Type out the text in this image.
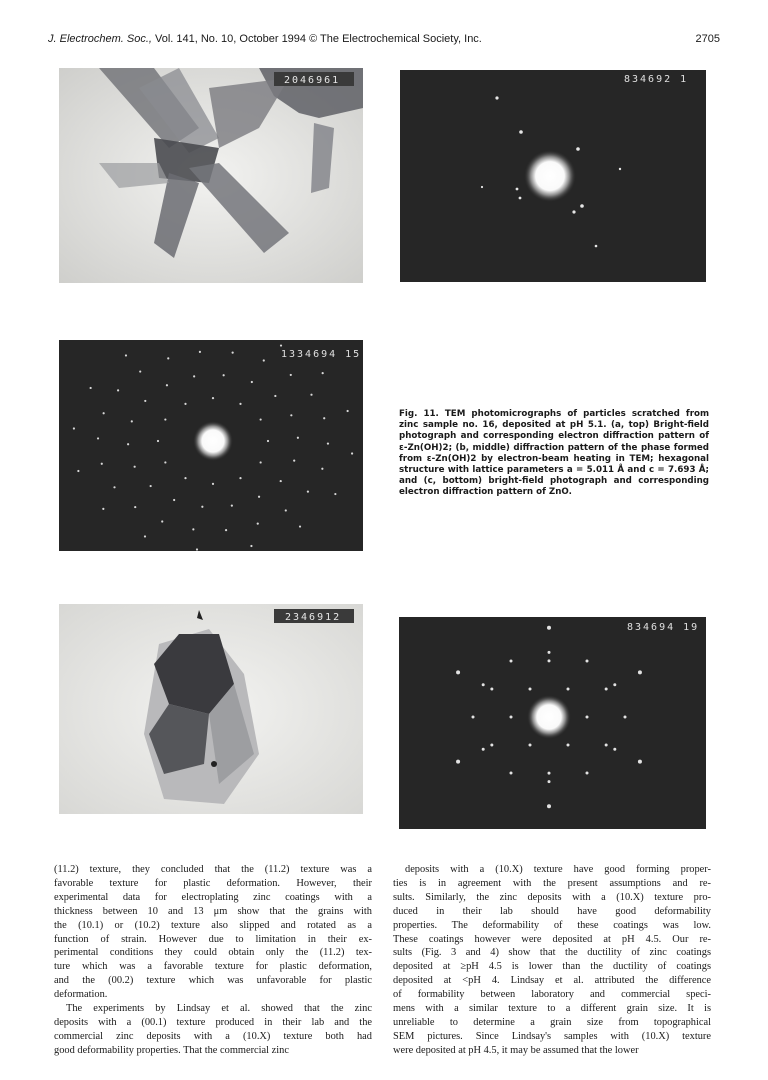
J. Electrochem. Soc., Vol. 141, No. 10, October 1994 © The Electrochemical Society, Inc.	2705
2046961	834692 1
1334694 15
2346912
834694 19
Fig. 11. TEM photomicrographs of particles scratched from zinc sample no. 16, deposited at pH 5.1. (a, top) Bright-field photograph and corresponding electron diffraction pattern of ε-Zn(OH)2; (b, middle) diffraction pattern of the phase formed from ε-Zn(OH)2 by electron-beam heating in TEM; hexagonal structure with lattice parameters a = 5.011 Å and c = 7.693 Å; and (c, bottom) bright-field photograph and corresponding electron diffraction pattern of ZnO.
(11.2) texture, they concluded that the (11.2) texture was a
favorable texture for plastic deformation. However, their
experimental data for electroplating zinc coatings with a
thickness between 10 and 13 μm show that the grains with
the (10.1) or (10.2) texture also slipped and rotated as a
function of strain. However due to limitation in their ex-
perimental conditions they could obtain only the (11.2) tex-
ture which was a favorable texture for plastic deformation,
and the (00.2) texture which was unfavorable for plastic
deformation.
The experiments by Lindsay et al. showed that the zinc
deposits with a (00.1) texture produced in their lab and the
commercial zinc deposits with a (10.X) texture both had
good deformability properties. That the commercial zinc
deposits with a (10.X) texture have good forming proper-
ties is in agreement with the present assumptions and re-
sults. Similarly, the zinc deposits with a (10.X) texture pro-
duced in their lab should have good deformability
properties. The deformability of these coatings was low.
These coatings however were deposited at pH 4.5. Our re-
sults (Fig. 3 and 4) show that the ductility of zinc coatings
deposited at ≥pH 4.5 is lower than the ductility of coatings
deposited at <pH 4. Lindsay et al. attributed the difference
of formability between laboratory and commercial speci-
mens with a similar texture to a different grain size. It is
unreliable to determine a grain size from topographical
SEM pictures. Since Lindsay's samples with (10.X) texture
were deposited at pH 4.5, it may be assumed that the lower
